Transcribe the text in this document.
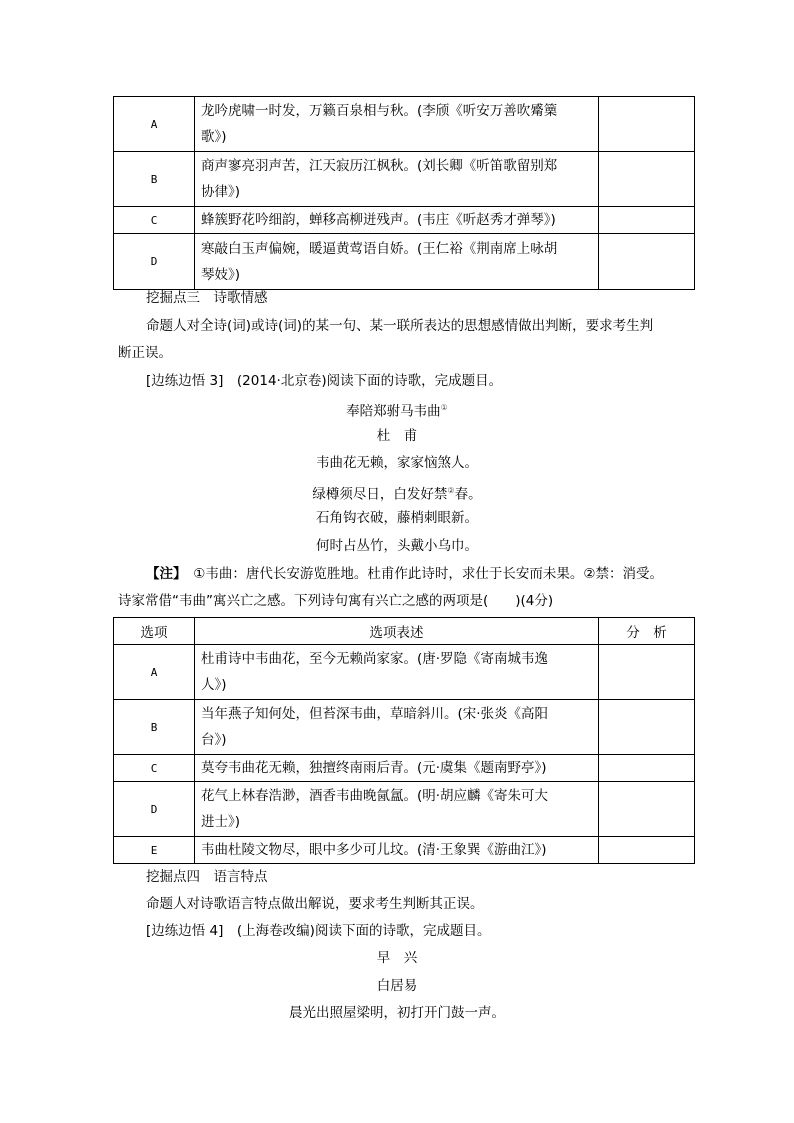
A	龙吟虎啸一时发，万籁百泉相与秋。(李颀《听安万善吹觱篥
歌》)	
B	商声寥亮羽声苦，江天寂历江枫秋。(刘长卿《听笛歌留别郑
协律》)	
C	蜂簇野花吟细韵，蝉移高柳迸残声。(韦庄《听赵秀才弹琴》)	
D	寒敲白玉声偏婉，暖逼黄莺语自娇。(王仁裕《荆南席上咏胡
琴妓》)	
挖掘点三　诗歌情感
命题人对全诗(词)或诗(词)的某一句、某一联所表达的思想感情做出判断，要求考生判
断正误。
[边练边悟 3]　(2014·北京卷)阅读下面的诗歌，完成题目。
奉陪郑驸马韦曲①
杜　甫
韦曲花无赖，家家恼煞人。
绿樽须尽日，白发好禁②春。
石角钩衣破，藤梢刺眼新。
何时占丛竹，头戴小乌巾。
【注】　①韦曲：唐代长安游览胜地。杜甫作此诗时，求仕于长安而未果。②禁：消受。
诗家常借“韦曲”寓兴亡之感。下列诗句寓有兴亡之感的两项是(　　)(4分)
选项	选项表述	分　析
A	杜甫诗中韦曲花，至今无赖尚家家。(唐·罗隐《寄南城韦逸
人》)	
B	当年燕子知何处，但苔深韦曲，草暗斜川。(宋·张炎《高阳
台》)	
C	莫夸韦曲花无赖，独擅终南雨后青。(元·虞集《题南野亭》)	
D	花气上林春浩渺，酒香韦曲晚氤氲。(明·胡应麟《寄朱可大
进士》)	
E	韦曲杜陵文物尽，眼中多少可儿坟。(清·王象巽《游曲江》)	
挖掘点四　语言特点
命题人对诗歌语言特点做出解说，要求考生判断其正误。
[边练边悟 4]　(上海卷改编)阅读下面的诗歌，完成题目。
早　兴
白居易
晨光出照屋梁明，初打开门鼓一声。
